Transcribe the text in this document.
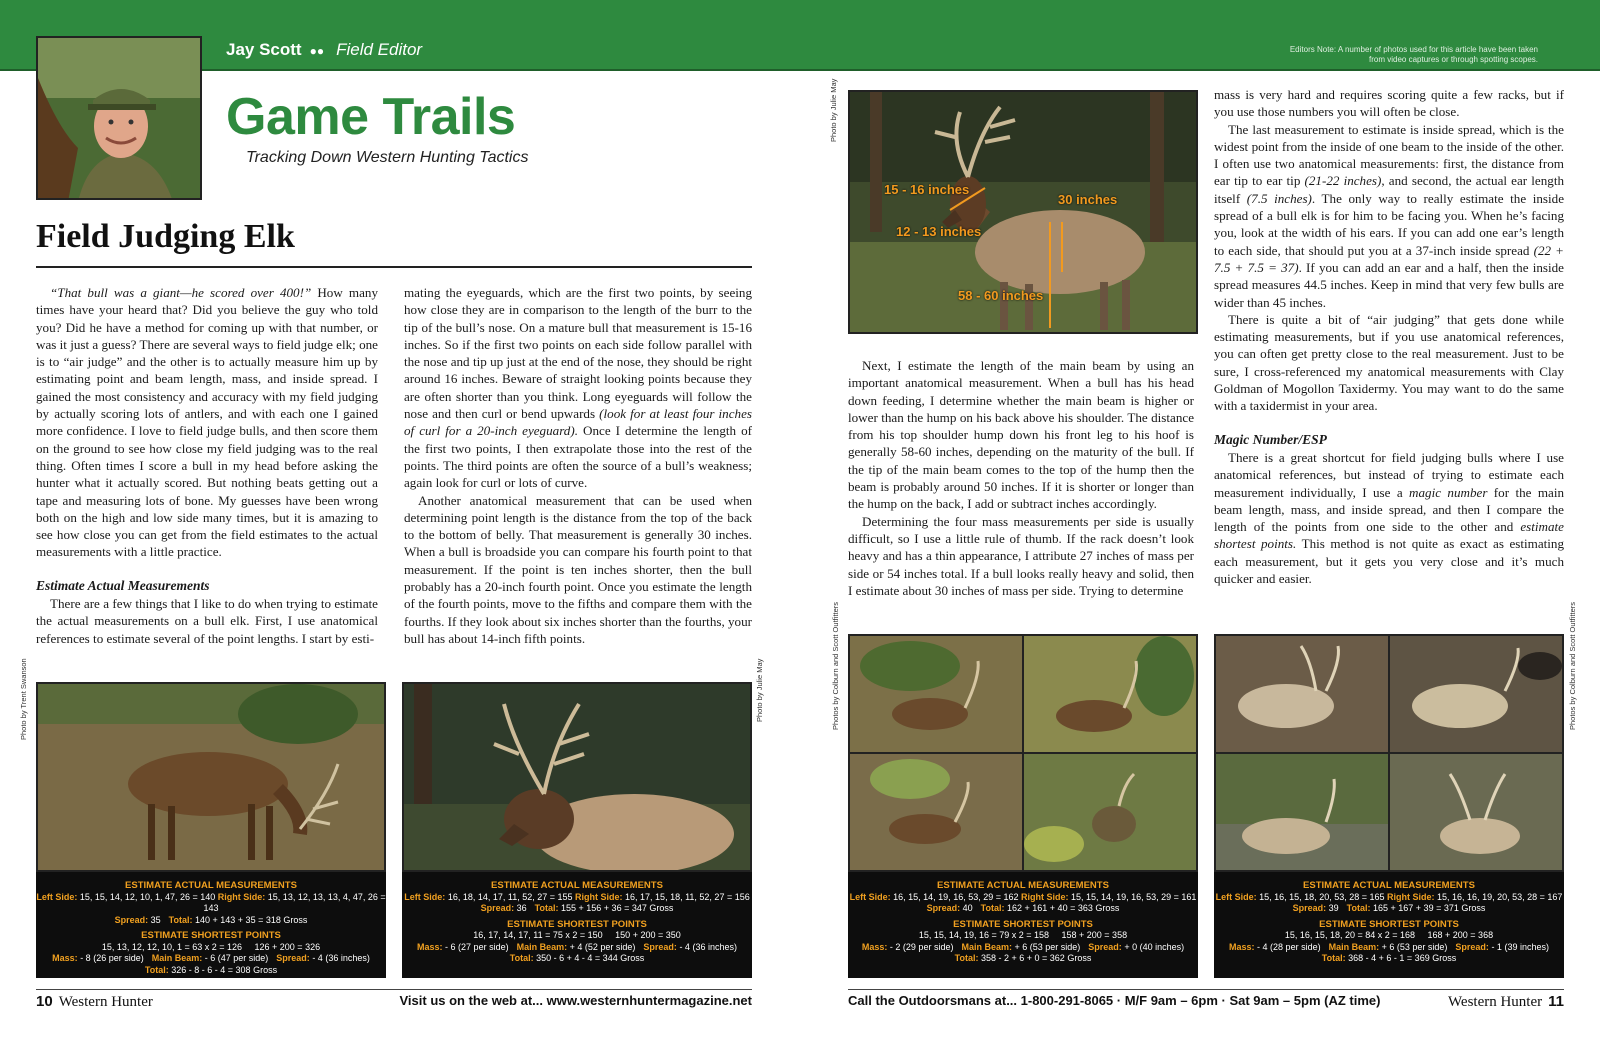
Jay Scott ●● Field Editor	Editors Note: A number of photos used for this article have been taken from video captures or through spotting scopes.
Game Trails
Tracking Down Western Hunting Tactics
Field Judging Elk

“That bull was a giant—he scored over 400!” How many times have your heard that? Did you believe the guy who told you? Did he have a method for coming up with that number, or was it just a guess? There are several ways to field judge elk; one is to “air judge” and the other is to actually measure him up by estimating point and beam length, mass, and inside spread. I gained the most consistency and accuracy with my field judging by actually scoring lots of antlers, and with each one I gained more confidence. I love to field judge bulls, and then score them on the ground to see how close my field judging was to the real thing. Often times I score a bull in my head before asking the hunter what it actually scored. But nothing beats getting out a tape and measuring lots of bone. My guesses have been wrong both on the high and low side many times, but it is amazing to see how close you can get from the field estimates to the actual measurements with a little practice.

Estimate Actual Measurements

There are a few things that I like to do when trying to estimate the actual measurements on a bull elk. First, I use anatomical references to estimate several of the point lengths. I start by esti-

mating the eyeguards, which are the first two points, by seeing how close they are in comparison to the length of the burr to the tip of the bull’s nose. On a mature bull that measurement is 15-16 inches. So if the first two points on each side follow parallel with the nose and tip up just at the end of the nose, they should be right around 16 inches. Beware of straight looking points because they are often shorter than you think. Long eyeguards will follow the nose and then curl or bend upwards (look for at least four inches of curl for a 20-inch eyeguard). Once I determine the length of the first two points, I then extrapolate those into the rest of the points. The third points are often the source of a bull’s weakness; again look for curl or lots of curve.

Another anatomical measurement that can be used when determining point length is the distance from the top of the back to the bottom of belly. That measurement is generally 30 inches. When a bull is broadside you can compare his fourth point to that measurement. If the point is ten inches shorter, then the bull probably has a 20-inch fourth point. Once you estimate the length of the fourth points, move to the fifths and compare them with the fourths. If they look about six inches shorter than the fourths, your bull has about 14-inch fifth points.

Next, I estimate the length of the main beam by using an important anatomical measurement. When a bull has his head down feeding, I determine whether the main beam is higher or lower than the hump on his back above his shoulder. The distance from his top shoulder hump down his front leg to his hoof is generally 58-60 inches, depending on the maturity of the bull. If the tip of the main beam comes to the top of the hump then the beam is probably around 50 inches. If it is shorter or longer than the hump on the back, I add or subtract inches accordingly.

Determining the four mass measurements per side is usually difficult, so I use a little rule of thumb. If the rack doesn’t look heavy and has a thin appearance, I attribute 27 inches of mass per side or 54 inches total. If a bull looks really heavy and solid, then I estimate about 30 inches of mass per side. Trying to determine

mass is very hard and requires scoring quite a few racks, but if you use those numbers you will often be close.

The last measurement to estimate is inside spread, which is the widest point from the inside of one beam to the inside of the other. I often use two anatomical measurements: first, the distance from ear tip to ear tip (21-22 inches), and second, the actual ear length itself (7.5 inches). The only way to really estimate the inside spread of a bull elk is for him to be facing you. When he’s facing you, look at the width of his ears. If you can add one ear’s length to each side, that should put you at a 37-inch inside spread (22 + 7.5 + 7.5 = 37). If you can add an ear and a half, then the inside spread measures 44.5 inches. Keep in mind that very few bulls are wider than 45 inches.

There is quite a bit of “air judging” that gets done while estimating measurements, but if you use anatomical references, you can often get pretty close to the real measurement. Just to be sure, I cross-referenced my anatomical measurements with Clay Goldman of Mogollon Taxidermy. You may want to do the same with a taxidermist in your area.

Magic Number/ESP

There is a great shortcut for field judging bulls where I use anatomical references, but instead of trying to estimate each measurement individually, I use a magic number for the main beam length, mass, and inside spread, and then I compare the length of the points from one side to the other and estimate shortest points. This method is not quite as exact as estimating each measurement, but it gets you very close and it’s much quicker and easier.

15 - 16 inches
30 inches
12 - 13 inches
58 - 60 inches
Photo by Julie May
Photo by Trent Swanson
ESTIMATE ACTUAL MEASUREMENTS
Left Side: 15, 15, 14, 12, 10, 1, 47, 26 = 140 Right Side: 15, 13, 12, 13, 13, 4, 47, 26 = 143
Spread: 35 Total: 140 + 143 + 35 = 318 Gross
ESTIMATE SHORTEST POINTS
15, 13, 12, 12, 10, 1 = 63 x 2 = 126     126 + 200 = 326
Mass: - 8 (26 per side) Main Beam: - 6 (47 per side) Spread: - 4 (36 inches)
Total: 326 - 8 - 6 - 4 = 308 Gross
Photo by Julie May
ESTIMATE ACTUAL MEASUREMENTS
Left Side: 16, 18, 14, 17, 11, 52, 27 = 155 Right Side: 16, 17, 15, 18, 11, 52, 27 = 156
Spread: 36 Total: 155 + 156 + 36 = 347 Gross
ESTIMATE SHORTEST POINTS
16, 17, 14, 17, 11 = 75 x 2 = 150     150 + 200 = 350
Mass: - 6 (27 per side) Main Beam: + 4 (52 per side) Spread: - 4 (36 inches)
Total: 350 - 6 + 4 - 4 = 344 Gross
Photos by Colburn and Scott Outfitters
ESTIMATE ACTUAL MEASUREMENTS
Left Side: 16, 15, 14, 19, 16, 53, 29 = 162 Right Side: 15, 15, 14, 19, 16, 53, 29 = 161
Spread: 40 Total: 162 + 161 + 40 = 363 Gross
ESTIMATE SHORTEST POINTS
15, 15, 14, 19, 16 = 79 x 2 = 158     158 + 200 = 358
Mass: - 2 (29 per side) Main Beam: + 6 (53 per side) Spread: + 0 (40 inches)
Total: 358 - 2 + 6 + 0 = 362 Gross
Photos by Colburn and Scott Outfitters
ESTIMATE ACTUAL MEASUREMENTS
Left Side: 15, 16, 15, 18, 20, 53, 28 = 165 Right Side: 15, 16, 16, 19, 20, 53, 28 = 167
Spread: 39 Total: 165 + 167 + 39 = 371 Gross
ESTIMATE SHORTEST POINTS
15, 16, 15, 18, 20 = 84 x 2 = 168     168 + 200 = 368
Mass: - 4 (28 per side) Main Beam: + 6 (53 per side) Spread: - 1 (39 inches)
Total: 368 - 4 + 6 - 1 = 369 Gross
10 Western Hunter	Visit us on the web at... www.westernhuntermagazine.net	Call the Outdoorsmans at... 1-800-291-8065 · M/F 9am – 6pm · Sat 9am – 5pm (AZ time)	Western Hunter 11
